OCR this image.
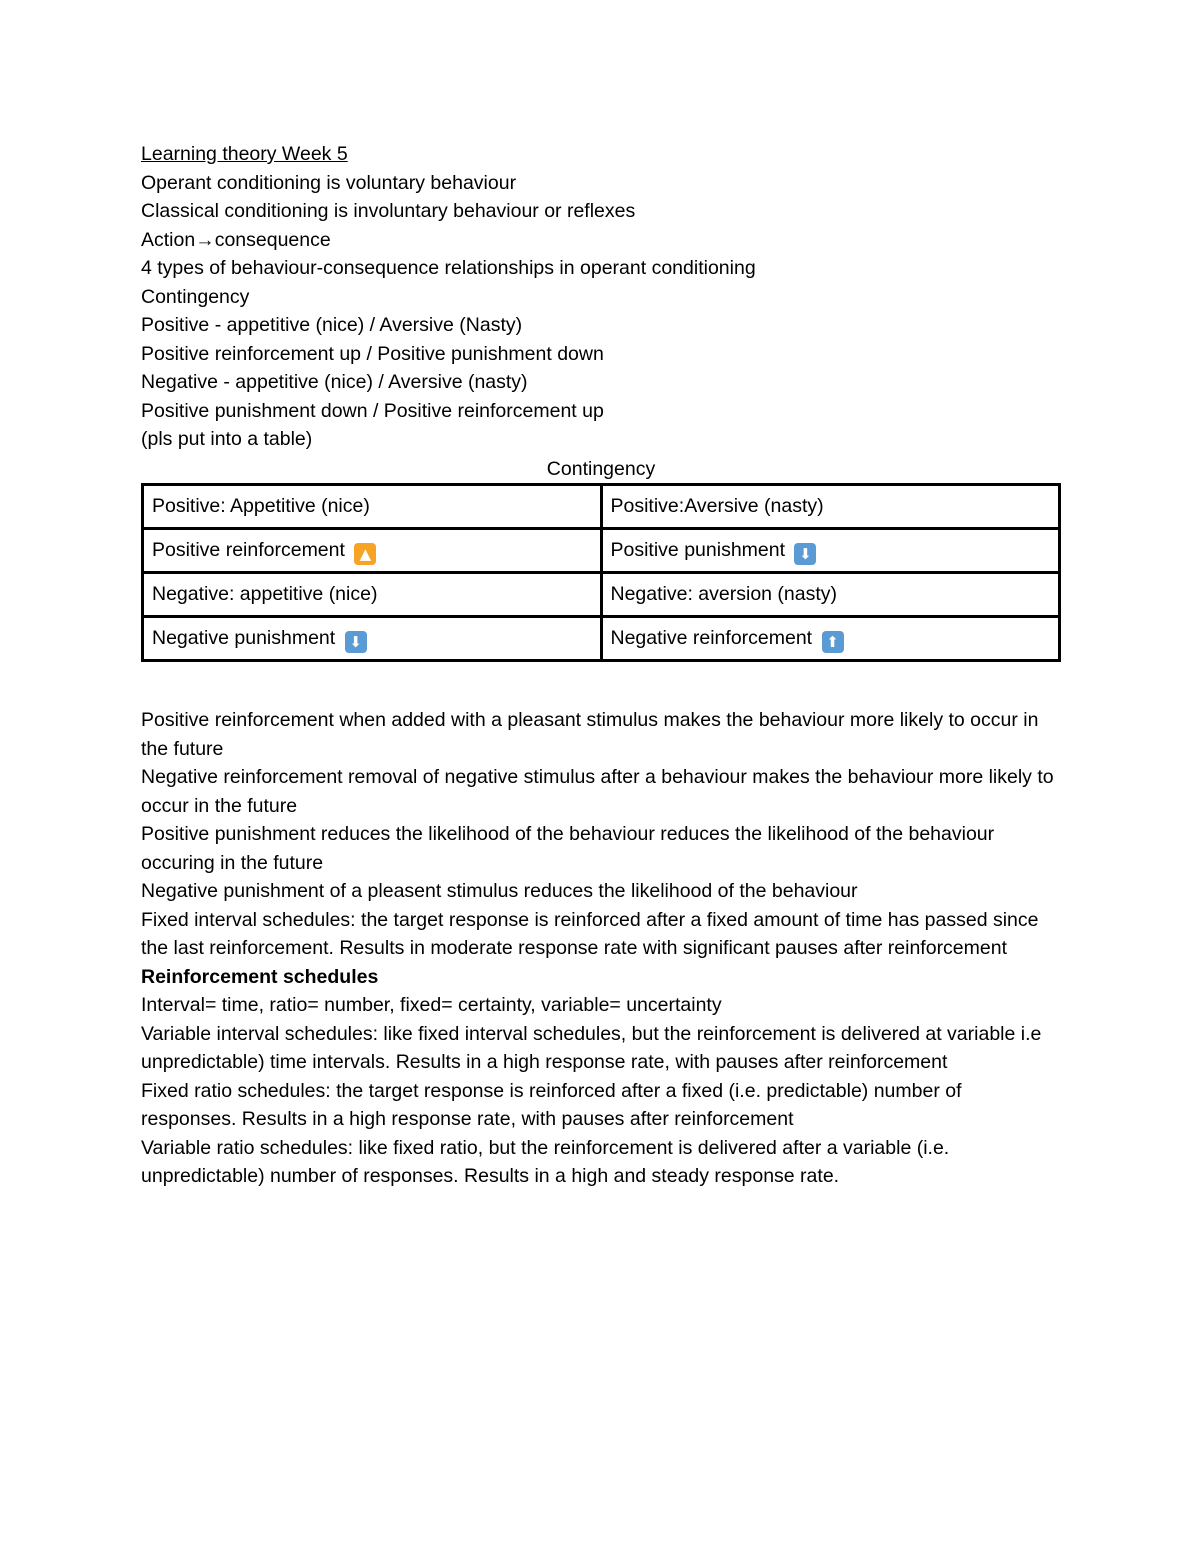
Learning theory Week 5
Operant conditioning is voluntary behaviour
Classical conditioning is involuntary behaviour or reflexes
Action→consequence
4 types of behaviour-consequence relationships in operant conditioning
Contingency
Positive - appetitive (nice) / Aversive (Nasty)
Positive reinforcement up / Positive punishment down
Negative - appetitive (nice) / Aversive (nasty)
Positive punishment down / Positive reinforcement up
(pls put into a table)
Contingency
Positive: Appetitive (nice)	Positive:Aversive (nasty)
Positive reinforcement ▲	Positive punishment ⬇
Negative: appetitive (nice)	Negative: aversion (nasty)
Negative punishment ⬇	Negative reinforcement ⬆
Positive reinforcement when added with a pleasant stimulus makes the behaviour more likely to occur in the future
Negative reinforcement removal of negative stimulus after a behaviour makes the behaviour more likely to occur in the future
Positive punishment reduces the likelihood of the behaviour reduces the likelihood of the behaviour occuring in the future
Negative punishment of a pleasent stimulus reduces the likelihood of the behaviour
Fixed interval schedules: the target response is reinforced after a fixed amount of time has passed since the last reinforcement. Results in moderate response rate with significant pauses after reinforcement
Reinforcement schedules
Interval= time, ratio= number, fixed= certainty, variable= uncertainty
Variable interval schedules: like fixed interval schedules, but the reinforcement is delivered at variable i.e unpredictable) time intervals. Results in a high response rate, with pauses after reinforcement
Fixed ratio schedules: the target response is reinforced after a fixed (i.e. predictable) number of responses. Results in a high response rate, with pauses after reinforcement
Variable ratio schedules: like fixed ratio, but the reinforcement is delivered after a variable (i.e. unpredictable) number of responses. Results in a high and steady response rate.
